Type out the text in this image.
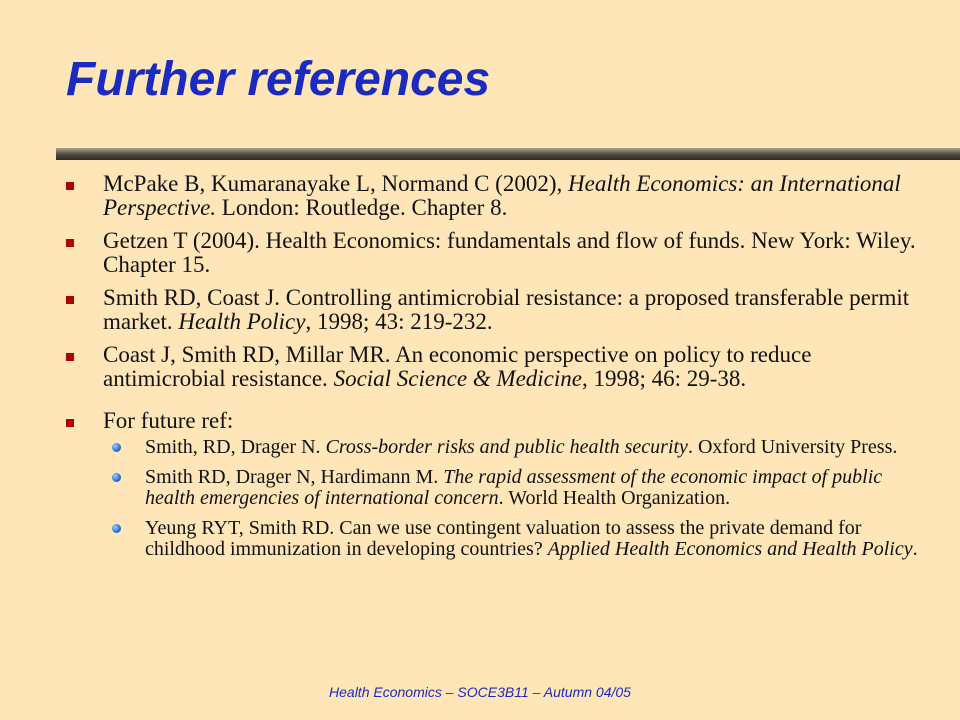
Further references
McPake B, Kumaranayake L, Normand C (2002), Health Economics: an International Perspective. London: Routledge. Chapter 8.
Getzen T (2004). Health Economics: fundamentals and flow of funds. New York: Wiley. Chapter 15.
Smith RD, Coast J. Controlling antimicrobial resistance: a proposed transferable permit market. Health Policy, 1998; 43: 219-232.
Coast J, Smith RD, Millar MR. An economic perspective on policy to reduce antimicrobial resistance. Social Science & Medicine, 1998; 46: 29-38.
For future ref:
Smith, RD, Drager N. Cross-border risks and public health security. Oxford University Press.
Smith RD, Drager N, Hardimann M. The rapid assessment of the economic impact of public health emergencies of international concern. World Health Organization.
Yeung RYT, Smith RD. Can we use contingent valuation to assess the private demand for childhood immunization in developing countries? Applied Health Economics and Health Policy.
Health Economics – SOCE3B11 – Autumn 04/05
